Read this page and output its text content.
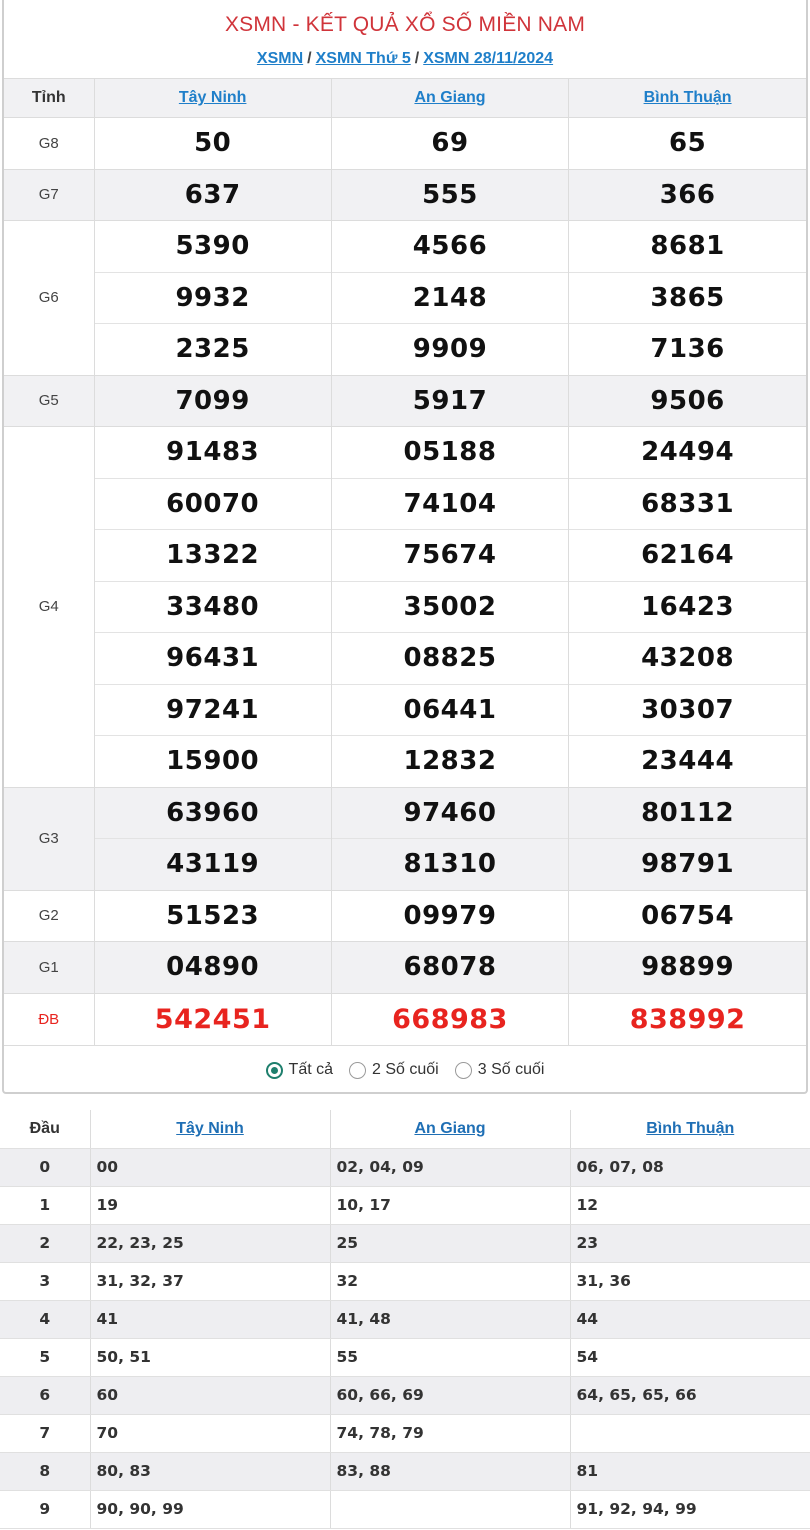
XSMN - KẾT QUẢ XỔ SỐ MIỀN NAM
XSMN / XSMN Thứ 5 / XSMN 28/11/2024
Tỉnh	Tây Ninh	An Giang	Bình Thuận
G8	50	69	65
G7	637	555	366
G6	5390	4566	8681
	9932	2148	3865
	2325	9909	7136
G5	7099	5917	9506
G4	91483	05188	24494
	60070	74104	68331
	13322	75674	62164
	33480	35002	16423
	96431	08825	43208
	97241	06441	30307
	15900	12832	23444
G3	63960	97460	80112
	43119	81310	98791
G2	51523	09979	06754
G1	04890	68078	98899
ĐB	542451	668983	838992
Tất cả 2 Số cuối 3 Số cuối
Đầu	Tây Ninh	An Giang	Bình Thuận
0	00	02, 04, 09	06, 07, 08
1	19	10, 17	12
2	22, 23, 25	25	23
3	31, 32, 37	32	31, 36
4	41	41, 48	44
5	50, 51	55	54
6	60	60, 66, 69	64, 65, 65, 66
7	70	74, 78, 79	
8	80, 83	83, 88	81
9	90, 90, 99		91, 92, 94, 99
